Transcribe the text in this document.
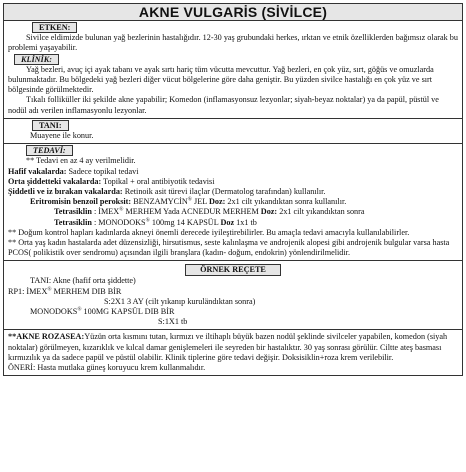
AKNE VULGARİS (SİVİLCE)
ETKEN:

Sivilce eldimizde bulunan yağ bezlerinin hastalığıdır. 12-30 yaş grubundaki herkes, ırktan ve etnik özelliklerden bağımsız olarak bu problemi yaşayabilir.

KLİNİK:

Yağ bezleri, avuç içi ayak tabanı ve ayak sırtı hariç tüm vücutta mevcuttur. Yağ bezleri, en çok yüz, sırt, göğüs ve omuzlarda bulunmaktadır. Bu bölgedeki yağ bezleri diğer vücut bölgelerine göre daha geniştir. Bu yüzden sivilce hastalığı en çok yüz ve sırt bölgesinde görülmektedir.

Tıkalı folliküller iki şekilde akne yapabilir; Komedon (inflamasyonsuz lezyonlar; siyah-beyaz noktalar) ya da papül, püstül ve nodül adı verilen inflamasyonlu lezyonlar.

TANI:

Muayene ile konur.

TEDAVİ:

** Tedavi en az 4 ay verilmelidir.

Hafif vakalarda: Sadece topikal tedavi

Orta şiddetteki vakalarda: Topikal + oral antibiyotik tedavisi

Şiddetli ve iz bırakan vakalarda: Retinoik asit türevi ilaçlar (Dermatolog tarafından) kullanılır.

Eritromisin benzoil peroksit: BENZAMYCİN® JEL Doz: 2x1 cilt yıkandıktan sonra kullanılır.

Tetrasiklin : İMEX® MERHEM Yada ACNEDUR MERHEM Doz: 2x1 cilt yıkandıktan sonra

Tetrasiklin : MONODOKS® 100mg 14 KAPSÜL Doz 1x1 tb

** Doğum kontrol hapları kadınlarda akneyi önemli derecede iyileştirebilirler. Bu amaçla tedavi amacıyla kullanılabilirler.

** Orta yaş kadın hastalarda adet düzensizliği, hirsutismus, seste kalınlaşma ve androjenik alopesi gibi androjenik bulgular varsa hasta PCOS( polikistik over sendromu) açısından ilgili branşlara (kadın- doğum, endokrin) yönlendirilmelidir.

ÖRNEK REÇETE

TANI: Akne (hafif orta şiddette)

RP1: İMEX® MERHEM DIB BİR

S:2X1 3 AY (cilt yıkanıp kuruländıktan sonra)

MONODOKS® 100MG KAPSÜL DIB BİR

S:1X1 tb

**AKNE ROZASEA:Yüzün orta kısmını tutan, kırmızı ve iltihaplı büyük bazen nodül şeklinde sivilceler yapabilen, komedon (siyah noktalar) görülmeyen, kızarıklık ve kılcal damar genişlemeleri ile seyreden bir hastalıktır. 30 yaş sonrası görülür. Ciltte ateş basması kırmızılık ya da sadece papül ve püstül olabilir. Klinik tiplerine göre tedavi değişir. Doksisiklin+roza krem verilebilir.

ÖNERİ: Hasta mutlaka güneş koruyucu krem kullanmalıdır.
